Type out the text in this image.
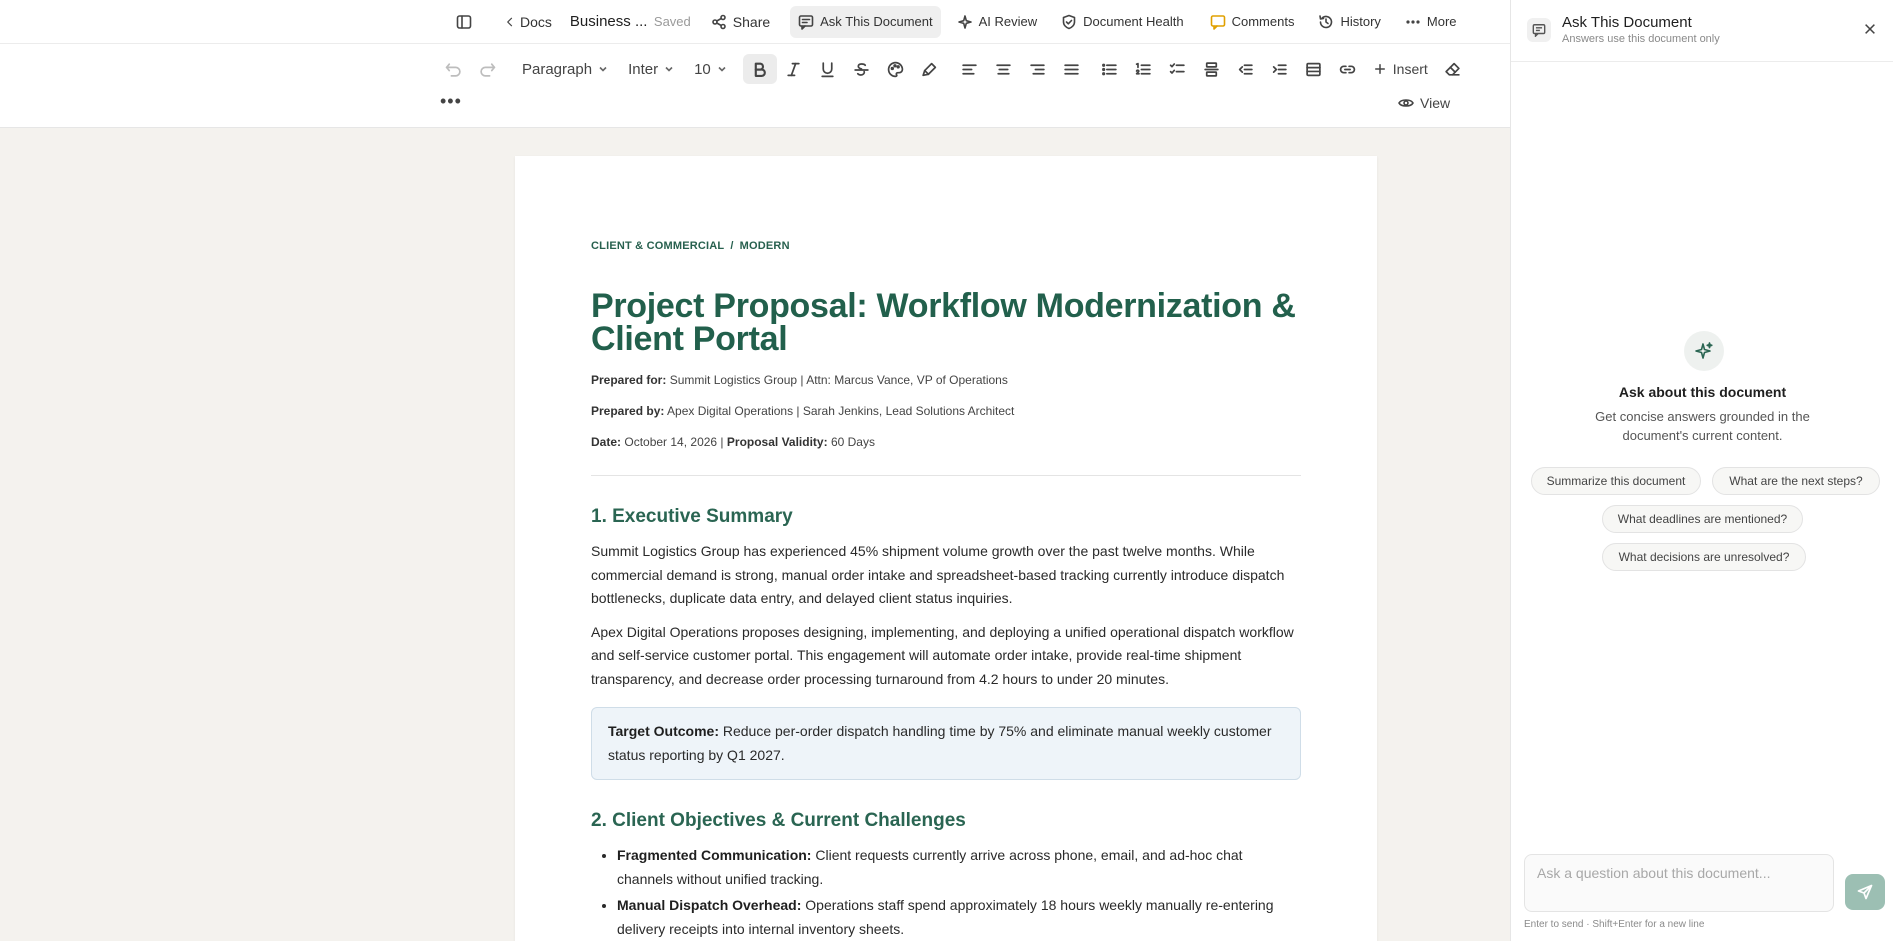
Docs Business ... Saved	Share	Ask This Document	AI Review	Document Health	Comments	History	More
Paragraph Inter 10	Insert
•••	View
CLIENT & COMMERCIAL / MODERN
Project Proposal: Workflow Modernization & Client Portal
Prepared for: Summit Logistics Group | Attn: Marcus Vance, VP of Operations
Prepared by: Apex Digital Operations | Sarah Jenkins, Lead Solutions Architect
Date: October 14, 2026 | Proposal Validity: 60 Days
1. Executive Summary

Summit Logistics Group has experienced 45% shipment volume growth over the past twelve months. While commercial demand is strong, manual order intake and spreadsheet-based tracking currently introduce dispatch bottlenecks, duplicate data entry, and delayed client status inquiries.

Apex Digital Operations proposes designing, implementing, and deploying a unified operational dispatch workflow and self-service customer portal. This engagement will automate order intake, provide real-time shipment transparency, and decrease order processing turnaround from 4.2 hours to under 20 minutes.

Target Outcome: Reduce per-order dispatch handling time by 75% and eliminate manual weekly customer status reporting by Q1 2027.
2. Client Objectives & Current Challenges
• Fragmented Communication: Client requests currently arrive across phone, email, and ad-hoc chat channels without unified tracking.
• Manual Dispatch Overhead: Operations staff spend approximately 18 hours weekly manually re-entering delivery receipts into internal inventory sheets.
Ask This Document
Answers use this document only
Ask about this document
Get concise answers grounded in the document's current content.
Summarize this document	What are the next steps?
What deadlines are mentioned?
What decisions are unresolved?
Ask a question about this document...
Enter to send · Shift+Enter for a new line
